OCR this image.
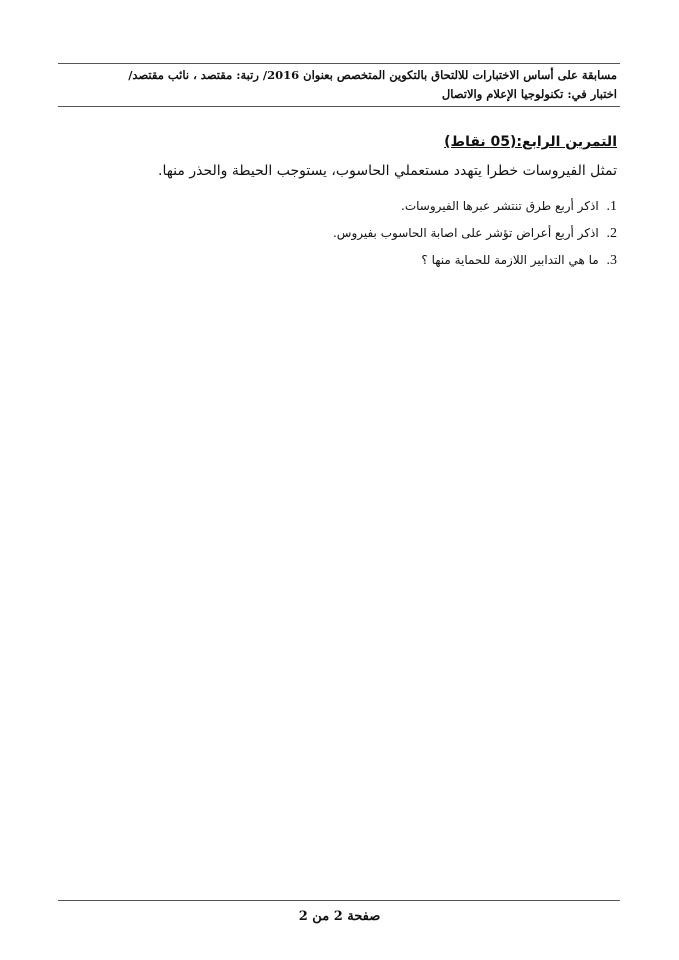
مسابقة على أساس الاختبارات للالتحاق بالتكوين المتخصص بعنوان 2016/ رتبة: مقتصد ، نائب مقتصد/
اختبار في: تكنولوجيا الإعلام والاتصال
التمرين الرابع:(05 نقاط)
تمثل الفيروسات خطرا يتهدد مستعملي الحاسوب، يستوجب الحيطة والحذر منها.
1. اذكر أربع طرق تنتشر عبرها الفيروسات.
2. اذكر أربع أعراض تؤشر على اصابة الحاسوب بفيروس.
3. ما هي التدابير اللازمة للحماية منها ؟
صفحة 2 من 2
